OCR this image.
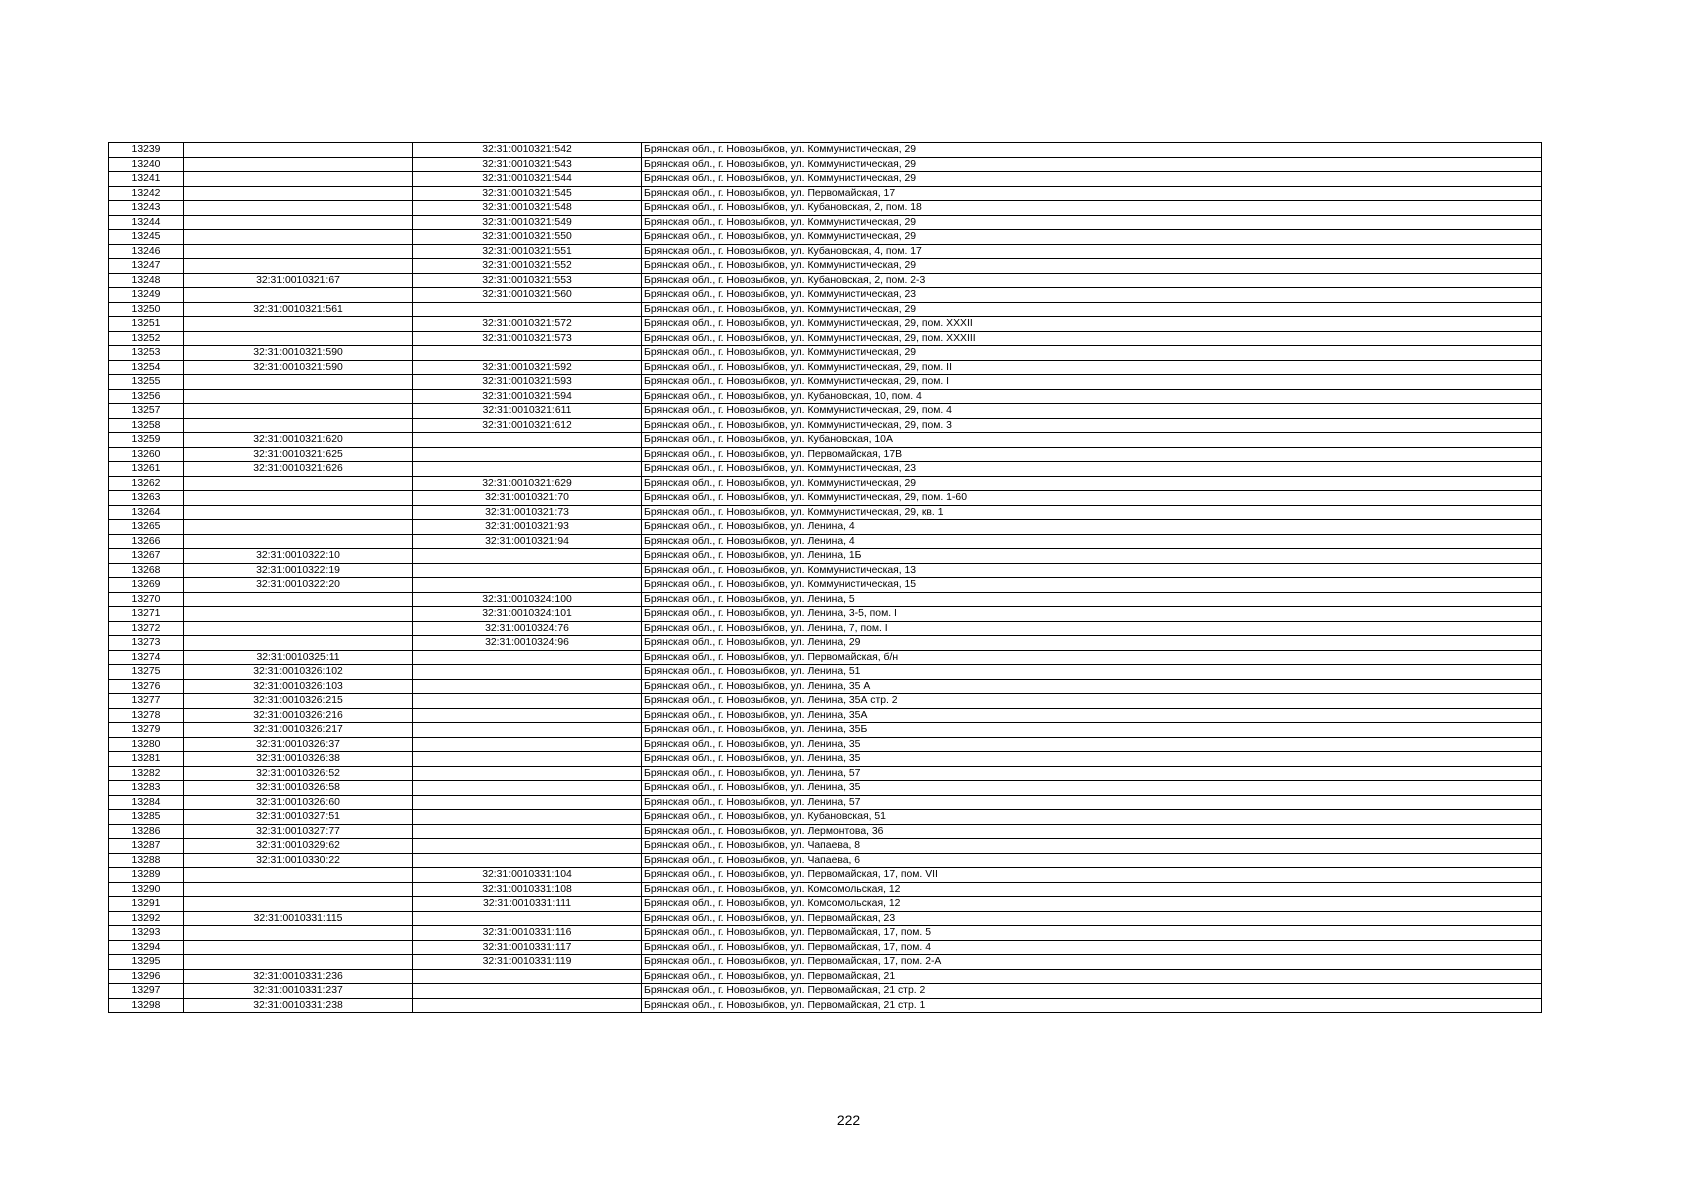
13239		32:31:0010321:542	Брянская обл., г. Новозыбков, ул. Коммунистическая, 29
13240		32:31:0010321:543	Брянская обл., г. Новозыбков, ул. Коммунистическая, 29
13241		32:31:0010321:544	Брянская обл., г. Новозыбков, ул. Коммунистическая, 29
13242		32:31:0010321:545	Брянская обл., г. Новозыбков, ул. Первомайская, 17
13243		32:31:0010321:548	Брянская обл., г. Новозыбков, ул. Кубановская, 2, пом. 18
13244		32:31:0010321:549	Брянская обл., г. Новозыбков, ул. Коммунистическая, 29
13245		32:31:0010321:550	Брянская обл., г. Новозыбков, ул. Коммунистическая, 29
13246		32:31:0010321:551	Брянская обл., г. Новозыбков, ул. Кубановская, 4, пом. 17
13247		32:31:0010321:552	Брянская обл., г. Новозыбков, ул. Коммунистическая, 29
13248	32:31:0010321:67	32:31:0010321:553	Брянская обл., г. Новозыбков, ул. Кубановская, 2, пом. 2-3
13249		32:31:0010321:560	Брянская обл., г. Новозыбков, ул. Коммунистическая, 23
13250	32:31:0010321:561		Брянская обл., г. Новозыбков, ул. Коммунистическая, 29
13251		32:31:0010321:572	Брянская обл., г. Новозыбков, ул. Коммунистическая, 29, пом. XXXII
13252		32:31:0010321:573	Брянская обл., г. Новозыбков, ул. Коммунистическая, 29, пом. XXXIII
13253	32:31:0010321:590		Брянская обл., г. Новозыбков, ул. Коммунистическая, 29
13254	32:31:0010321:590	32:31:0010321:592	Брянская обл., г. Новозыбков, ул. Коммунистическая, 29, пом. II
13255		32:31:0010321:593	Брянская обл., г. Новозыбков, ул. Коммунистическая, 29, пом. I
13256		32:31:0010321:594	Брянская обл., г. Новозыбков, ул. Кубановская, 10, пом. 4
13257		32:31:0010321:611	Брянская обл., г. Новозыбков, ул. Коммунистическая, 29, пом. 4
13258		32:31:0010321:612	Брянская обл., г. Новозыбков, ул. Коммунистическая, 29, пом. 3
13259	32:31:0010321:620		Брянская обл., г. Новозыбков, ул. Кубановская, 10А
13260	32:31:0010321:625		Брянская обл., г. Новозыбков, ул. Первомайская, 17В
13261	32:31:0010321:626		Брянская обл., г. Новозыбков, ул. Коммунистическая, 23
13262		32:31:0010321:629	Брянская обл., г. Новозыбков, ул. Коммунистическая, 29
13263		32:31:0010321:70	Брянская обл., г. Новозыбков, ул. Коммунистическая, 29, пом. 1-60
13264		32:31:0010321:73	Брянская обл., г. Новозыбков, ул. Коммунистическая, 29, кв. 1
13265		32:31:0010321:93	Брянская обл., г. Новозыбков, ул. Ленина, 4
13266		32:31:0010321:94	Брянская обл., г. Новозыбков, ул. Ленина, 4
13267	32:31:0010322:10		Брянская обл., г. Новозыбков, ул. Ленина, 1Б
13268	32:31:0010322:19		Брянская обл., г. Новозыбков, ул. Коммунистическая, 13
13269	32:31:0010322:20		Брянская обл., г. Новозыбков, ул. Коммунистическая, 15
13270		32:31:0010324:100	Брянская обл., г. Новозыбков, ул. Ленина, 5
13271		32:31:0010324:101	Брянская обл., г. Новозыбков, ул. Ленина, 3-5, пом. I
13272		32:31:0010324:76	Брянская обл., г. Новозыбков, ул. Ленина, 7, пом. I
13273		32:31:0010324:96	Брянская обл., г. Новозыбков, ул. Ленина, 29
13274	32:31:0010325:11		Брянская обл., г. Новозыбков, ул. Первомайская, б/н
13275	32:31:0010326:102		Брянская обл., г. Новозыбков, ул. Ленина, 51
13276	32:31:0010326:103		Брянская обл., г. Новозыбков, ул. Ленина, 35 А
13277	32:31:0010326:215		Брянская обл., г. Новозыбков, ул. Ленина, 35А стр. 2
13278	32:31:0010326:216		Брянская обл., г. Новозыбков, ул. Ленина, 35А
13279	32:31:0010326:217		Брянская обл., г. Новозыбков, ул. Ленина, 35Б
13280	32:31:0010326:37		Брянская обл., г. Новозыбков, ул. Ленина, 35
13281	32:31:0010326:38		Брянская обл., г. Новозыбков, ул. Ленина, 35
13282	32:31:0010326:52		Брянская обл., г. Новозыбков, ул. Ленина, 57
13283	32:31:0010326:58		Брянская обл., г. Новозыбков, ул. Ленина, 35
13284	32:31:0010326:60		Брянская обл., г. Новозыбков, ул. Ленина, 57
13285	32:31:0010327:51		Брянская обл., г. Новозыбков, ул. Кубановская, 51
13286	32:31:0010327:77		Брянская обл., г. Новозыбков, ул. Лермонтова, 36
13287	32:31:0010329:62		Брянская обл., г. Новозыбков, ул. Чапаева, 8
13288	32:31:0010330:22		Брянская обл., г. Новозыбков, ул. Чапаева, 6
13289		32:31:0010331:104	Брянская обл., г. Новозыбков, ул. Первомайская, 17, пом. VII
13290		32:31:0010331:108	Брянская обл., г. Новозыбков, ул. Комсомольская, 12
13291		32:31:0010331:111	Брянская обл., г. Новозыбков, ул. Комсомольская, 12
13292	32:31:0010331:115		Брянская обл., г. Новозыбков, ул. Первомайская, 23
13293		32:31:0010331:116	Брянская обл., г. Новозыбков, ул. Первомайская, 17, пом. 5
13294		32:31:0010331:117	Брянская обл., г. Новозыбков, ул. Первомайская, 17, пом. 4
13295		32:31:0010331:119	Брянская обл., г. Новозыбков, ул. Первомайская, 17, пом. 2-А
13296	32:31:0010331:236		Брянская обл., г. Новозыбков, ул. Первомайская, 21
13297	32:31:0010331:237		Брянская обл., г. Новозыбков, ул. Первомайская, 21 стр. 2
13298	32:31:0010331:238		Брянская обл., г. Новозыбков, ул. Первомайская, 21 стр. 1
222
